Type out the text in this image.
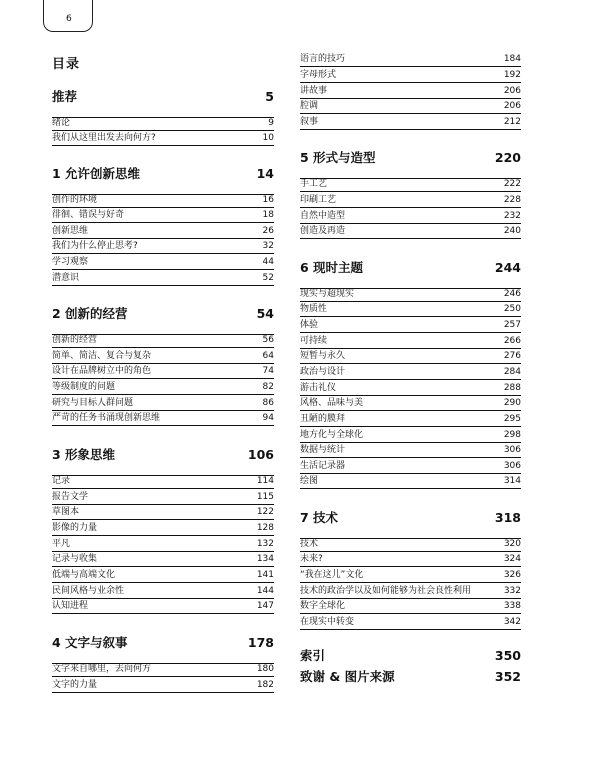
6
目录
推荐	5
绪论	9
我们从这里出发去向何方?	10
1 允许创新思维	14
创作的环境	16
徘徊、错误与好奇	18
创新思维	26
我们为什么停止思考?	32
学习观察	44
潜意识	52
2 创新的经营	54
创新的经营	56
简单、简洁、复合与复杂	64
设计在品牌树立中的角色	74
等级制度的问题	82
研究与目标人群问题	86
严苛的任务书涌现创新思维	94
3 形象思维	106
记录	114
报告文学	115
草图本	122
影像的力量	128
平凡	132
记录与收集	134
低端与高端文化	141
民间风格与业余性	144
认知进程	147
4 文字与叙事	178
文字来自哪里，去向何方	180
文字的力量	182
语言的技巧	184
字母形式	192
讲故事	206
腔调	206
叙事	212
5 形式与造型	220
手工艺	222
印刷工艺	228
自然中造型	232
创造及再造	240
6 现时主题	244
现实与超现实	246
物质性	250
体验	257
可持续	266
短暂与永久	276
政治与设计	284
游击礼仪	288
风格、品味与美	290
丑陋的膜拜	295
地方化与全球化	298
数据与统计	306
生活记录器	306
绘图	314
7 技术	318
技术	320
未来?	324
“我在这儿”文化	326
技术的政治学以及如何能够为社会良性利用	332
数字全球化	338
在现实中转变	342
索引	350
致谢 & 图片来源	352
